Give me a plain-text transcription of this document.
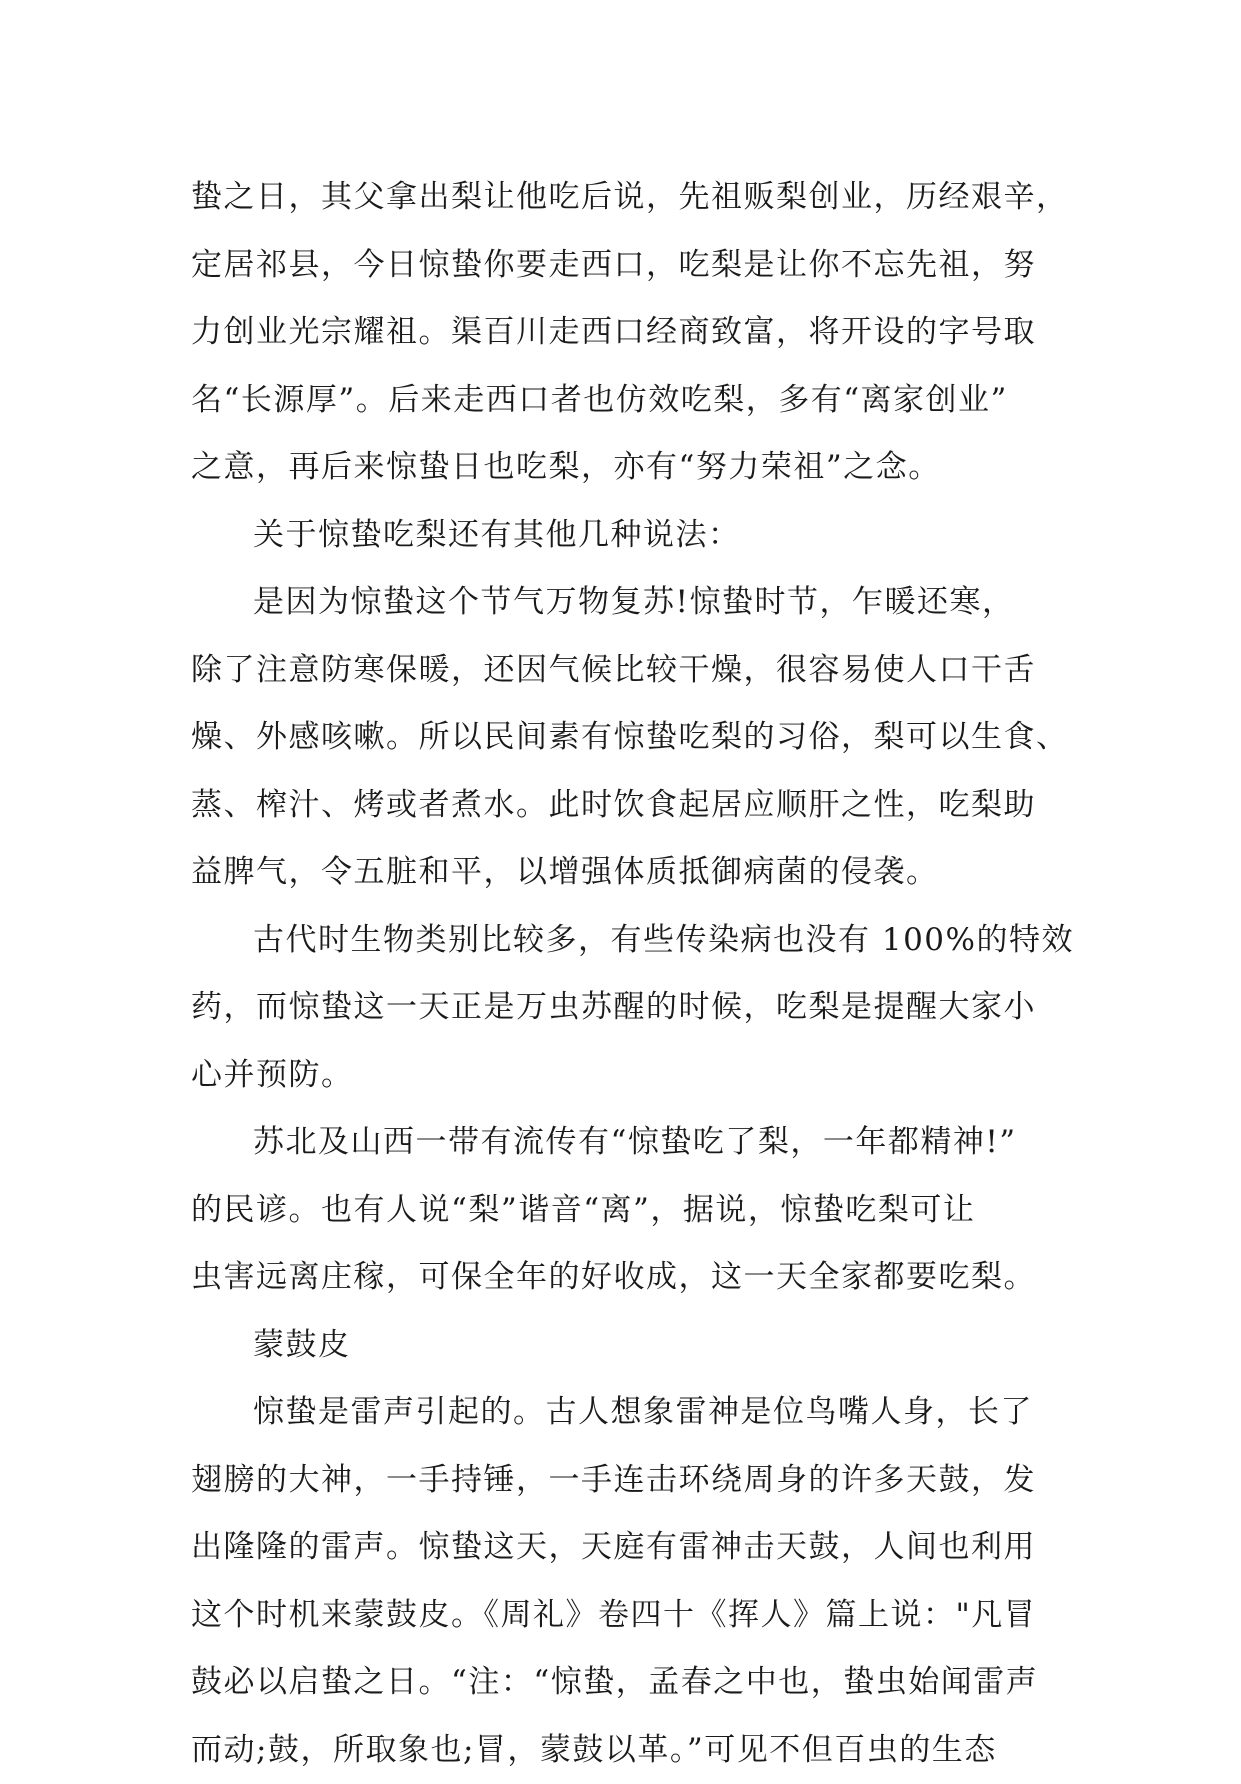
蛰之日，其父拿出梨让他吃后说，先祖贩梨创业，历经艰辛，
定居祁县，今日惊蛰你要走西口，吃梨是让你不忘先祖，努
力创业光宗耀祖。渠百川走西口经商致富，将开设的字号取
名“长源厚”。后来走西口者也仿效吃梨，多有“离家创业”
之意，再后来惊蛰日也吃梨，亦有“努力荣祖”之念。
关于惊蛰吃梨还有其他几种说法：
是因为惊蛰这个节气万物复苏!惊蛰时节，乍暖还寒，
除了注意防寒保暖，还因气候比较干燥，很容易使人口干舌
燥、外感咳嗽。所以民间素有惊蛰吃梨的习俗，梨可以生食、
蒸、榨汁、烤或者煮水。此时饮食起居应顺肝之性，吃梨助
益脾气，令五脏和平，以增强体质抵御病菌的侵袭。
古代时生物类别比较多，有些传染病也没有 100%的特效
药，而惊蛰这一天正是万虫苏醒的时候，吃梨是提醒大家小
心并预防。
苏北及山西一带有流传有“惊蛰吃了梨，一年都精神!”
的民谚。也有人说“梨”谐音“离”，据说，惊蛰吃梨可让
虫害远离庄稼，可保全年的好收成，这一天全家都要吃梨。
蒙鼓皮
惊蛰是雷声引起的。古人想象雷神是位鸟嘴人身，长了
翅膀的大神，一手持锤，一手连击环绕周身的许多天鼓，发
出隆隆的雷声。惊蛰这天，天庭有雷神击天鼓，人间也利用
这个时机来蒙鼓皮。《周礼》卷四十《挥人》篇上说："凡冒
鼓必以启蛰之日。“注：“惊蛰，孟春之中也，蛰虫始闻雷声
而动;鼓，所取象也;冒，蒙鼓以革。”可见不但百虫的生态
